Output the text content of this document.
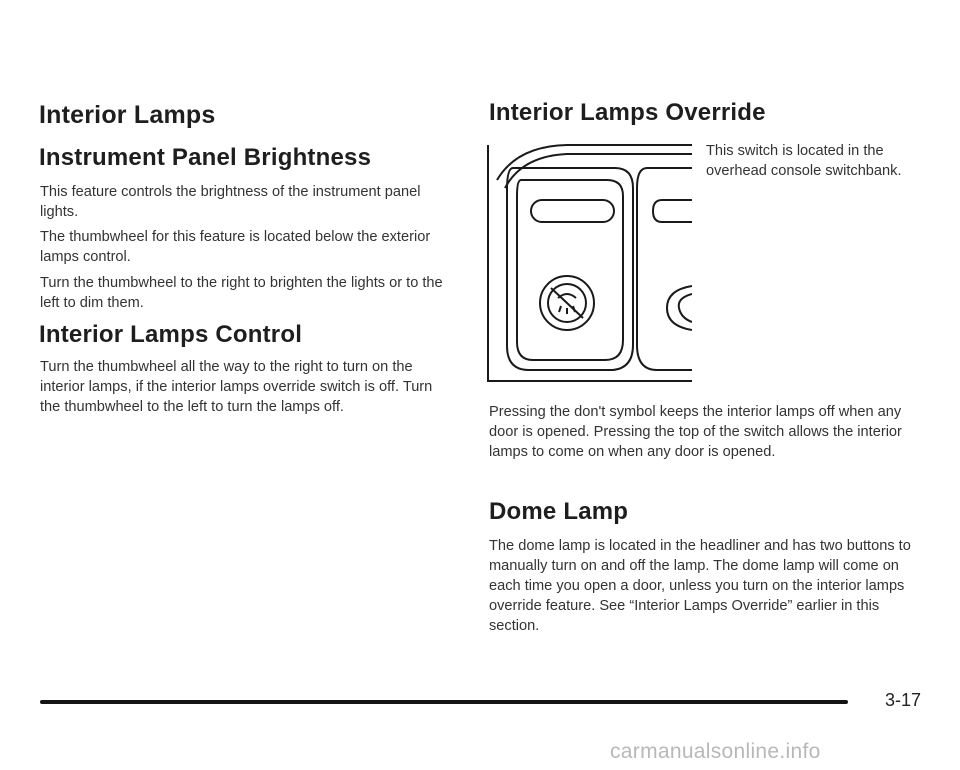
Interior Lamps
Instrument Panel Brightness

This feature controls the brightness of the instrument panel lights.

The thumbwheel for this feature is located below the exterior lamps control.

Turn the thumbwheel to the right to brighten the lights or to the left to dim them.

Interior Lamps Control

Turn the thumbwheel all the way to the right to turn on the interior lamps, if the interior lamps override switch is off. Turn the thumbwheel to the left to turn the lamps off.

Interior Lamps Override

This switch is located in the overhead console switchbank.

Pressing the don't symbol keeps the interior lamps off when any door is opened. Pressing the top of the switch allows the interior lamps to come on when any door is opened.

Dome Lamp

The dome lamp is located in the headliner and has two buttons to manually turn on and off the lamp. The dome lamp will come on each time you open a door, unless you turn on the interior lamps override feature. See “Interior Lamps Override” earlier in this section.

3-17
carmanualsonline.info
